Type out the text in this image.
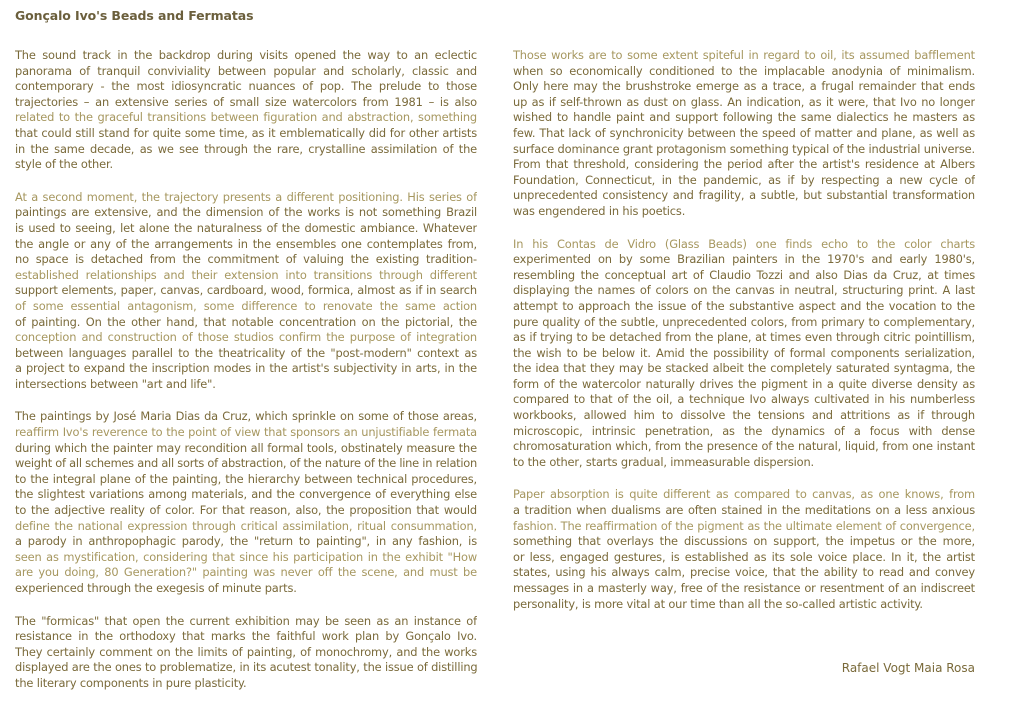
Gonçalo Ivo's Beads and Fermatas
The sound track in the backdrop during visits opened the way to an eclectic
panorama of tranquil conviviality between popular and scholarly, classic and
contemporary - the most idiosyncratic nuances of pop. The prelude to those
trajectories – an extensive series of small size watercolors from 1981 – is also
related to the graceful transitions between figuration and abstraction, something
that could still stand for quite some time, as it emblematically did for other artists
in the same decade, as we see through the rare, crystalline assimilation of the
style of the other.
At a second moment, the trajectory presents a different positioning. His series of
paintings are extensive, and the dimension of the works is not something Brazil
is used to seeing, let alone the naturalness of the domestic ambiance. Whatever
the angle or any of the arrangements in the ensembles one contemplates from,
no space is detached from the commitment of valuing the existing tradition-
established relationships and their extension into transitions through different
support elements, paper, canvas, cardboard, wood, formica, almost as if in search
of some essential antagonism, some difference to renovate the same action
of painting. On the other hand, that notable concentration on the pictorial, the
conception and construction of those studios confirm the purpose of integration
between languages parallel to the theatricality of the "post-modern" context as
a project to expand the inscription modes in the artist's subjectivity in arts, in the
intersections between "art and life".
The paintings by José Maria Dias da Cruz, which sprinkle on some of those areas,
reaffirm Ivo's reverence to the point of view that sponsors an unjustifiable fermata
during which the painter may recondition all formal tools, obstinately measure the
weight of all schemes and all sorts of abstraction, of the nature of the line in relation
to the integral plane of the painting, the hierarchy between technical procedures,
the slightest variations among materials, and the convergence of everything else
to the adjective reality of color. For that reason, also, the proposition that would
define the national expression through critical assimilation, ritual consummation,
a parody in anthropophagic parody, the "return to painting", in any fashion, is
seen as mystification, considering that since his participation in the exhibit "How
are you doing, 80 Generation?" painting was never off the scene, and must be
experienced through the exegesis of minute parts.
The "formicas" that open the current exhibition may be seen as an instance of
resistance in the orthodoxy that marks the faithful work plan by Gonçalo Ivo.
They certainly comment on the limits of painting, of monochromy, and the works
displayed are the ones to problematize, in its acutest tonality, the issue of distilling
the literary components in pure plasticity.
Those works are to some extent spiteful in regard to oil, its assumed bafflement
when so economically conditioned to the implacable anodynia of minimalism.
Only here may the brushstroke emerge as a trace, a frugal remainder that ends
up as if self-thrown as dust on glass. An indication, as it were, that Ivo no longer
wished to handle paint and support following the same dialectics he masters as
few. That lack of synchronicity between the speed of matter and plane, as well as
surface dominance grant protagonism something typical of the industrial universe.
From that threshold, considering the period after the artist's residence at Albers
Foundation, Connecticut, in the pandemic, as if by respecting a new cycle of
unprecedented consistency and fragility, a subtle, but substantial transformation
was engendered in his poetics.
In his Contas de Vidro (Glass Beads) one finds echo to the color charts
experimented on by some Brazilian painters in the 1970's and early 1980's,
resembling the conceptual art of Claudio Tozzi and also Dias da Cruz, at times
displaying the names of colors on the canvas in neutral, structuring print. A last
attempt to approach the issue of the substantive aspect and the vocation to the
pure quality of the subtle, unprecedented colors, from primary to complementary,
as if trying to be detached from the plane, at times even through citric pointillism,
the wish to be below it. Amid the possibility of formal components serialization,
the idea that they may be stacked albeit the completely saturated syntagma, the
form of the watercolor naturally drives the pigment in a quite diverse density as
compared to that of the oil, a technique Ivo always cultivated in his numberless
workbooks, allowed him to dissolve the tensions and attritions as if through
microscopic, intrinsic penetration, as the dynamics of a focus with dense
chromosaturation which, from the presence of the natural, liquid, from one instant
to the other, starts gradual, immeasurable dispersion.
Paper absorption is quite different as compared to canvas, as one knows, from
a tradition when dualisms are often stained in the meditations on a less anxious
fashion. The reaffirmation of the pigment as the ultimate element of convergence,
something that overlays the discussions on support, the impetus or the more,
or less, engaged gestures, is established as its sole voice place. In it, the artist
states, using his always calm, precise voice, that the ability to read and convey
messages in a masterly way, free of the resistance or resentment of an indiscreet
personality, is more vital at our time than all the so-called artistic activity.
Rafael Vogt Maia Rosa
